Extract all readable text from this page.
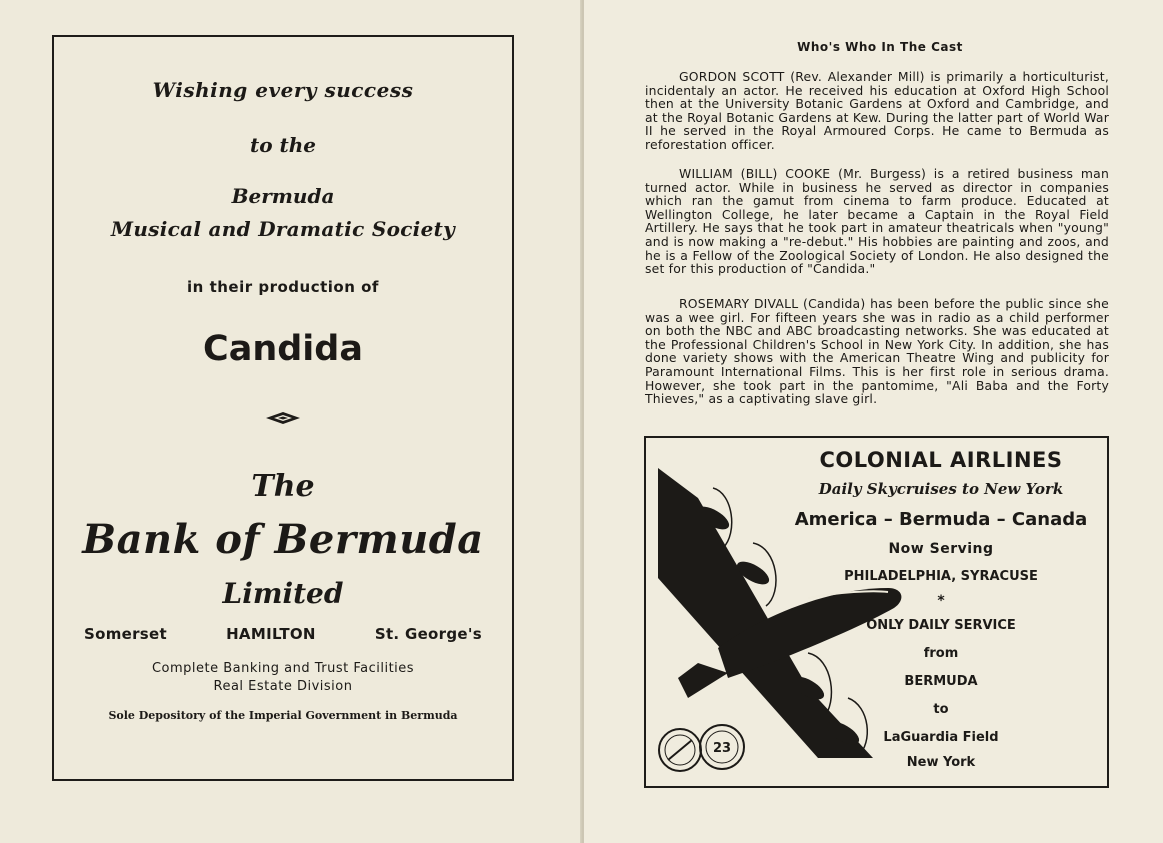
Wishing every success
to the
Bermuda
Musical and Dramatic Society
in their production of
Candida
The
Bank of Bermuda
Limited
Somerset	HAMILTON	St. George's
Complete Banking and Trust Facilities
Real Estate Division
Sole Depository of the Imperial Government in Bermuda
Who's Who In The Cast

GORDON SCOTT (Rev. Alexander Mill) is primarily a horticulturist, incidentaly an actor. He received his education at Oxford High School then at the University Botanic Gardens at Oxford and Cambridge, and at the Royal Botanic Gardens at Kew. During the latter part of World War II he served in the Royal Armoured Corps. He came to Bermuda as reforestation officer.

WILLIAM (BILL) COOKE (Mr. Burgess) is a retired business man turned actor. While in business he served as director in companies which ran the gamut from cinema to farm produce. Educated at Wellington College, he later became a Captain in the Royal Field Artillery. He says that he took part in amateur theatricals when "young" and is now making a "re-debut." His hobbies are painting and zoos, and he is a Fellow of the Zoological Society of London. He also designed the set for this production of "Candida."

ROSEMARY DIVALL (Candida) has been before the public since she was a wee girl. For fifteen years she was in radio as a child performer on both the NBC and ABC broadcasting networks. She was educated at the Professional Children's School in New York City. In addition, she has done variety shows with the American Theatre Wing and publicity for Paramount International Films. This is her first role in serious drama. However, she took part in the pantomime, "Ali Baba and the Forty Thieves," as a captivating slave girl.

23
COLONIAL AIRLINES
Daily Skycruises to New York
America – Bermuda – Canada
Now Serving
PHILADELPHIA, SYRACUSE
*
ONLY DAILY SERVICE
from
BERMUDA
to
LaGuardia Field
New York
